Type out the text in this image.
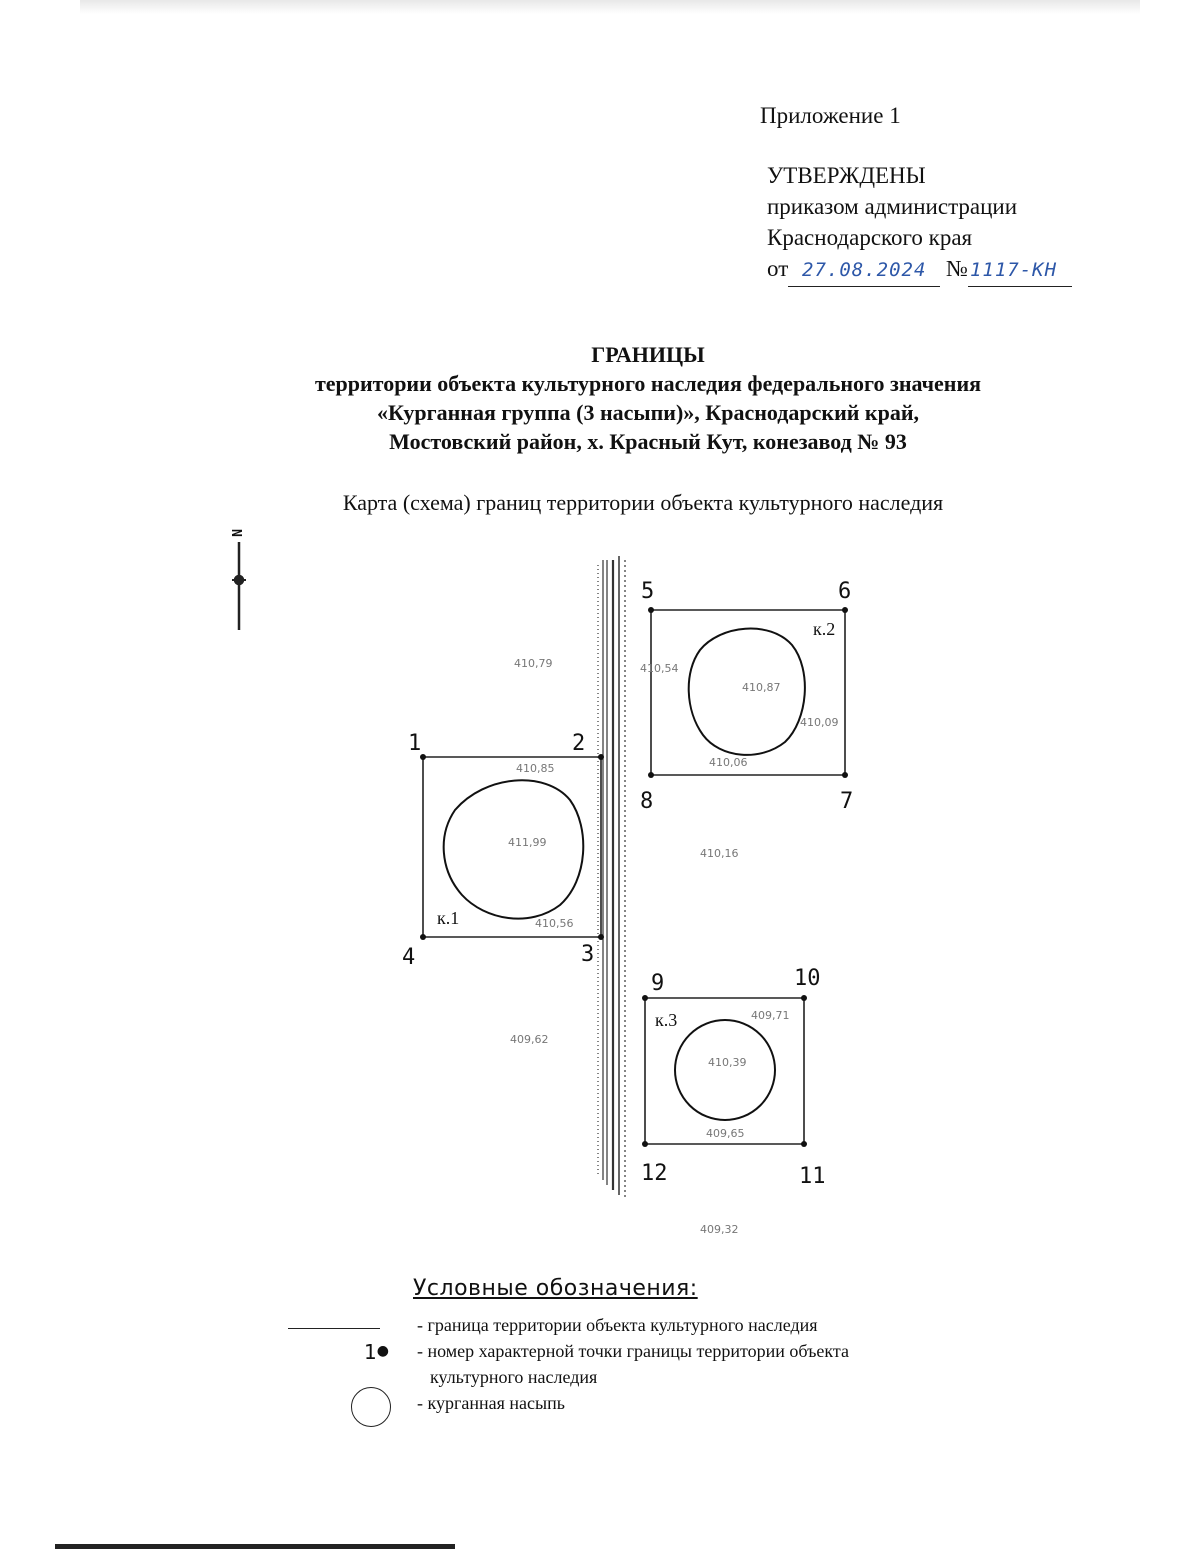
Приложение 1
УТВЕРЖДЕНЫ
приказом администрации
Краснодарского края
от 27.08.2024 № 1117-КН
ГРАНИЦЫ
территории объекта культурного наследия федерального значения
«Курганная группа (3 насыпи)», Краснодарский край,
Мостовский район, х. Красный Кут, конезавод № 93
Карта (схема) границ территории объекта культурного наследия
N
1	2
3
4
5	6
7
8
9	10
11
12
к.1
к.2
к.3
410,79
410,85
411,99
410,56
410,54
410,87
410,09
410,06
410,16
409,62
409,71
410,39
409,65
409,32
Условные обозначения:
- граница территории объекта культурного наследия
1● - номер характерной точки границы территории объекта
культурного наследия
- курганная насыпь
